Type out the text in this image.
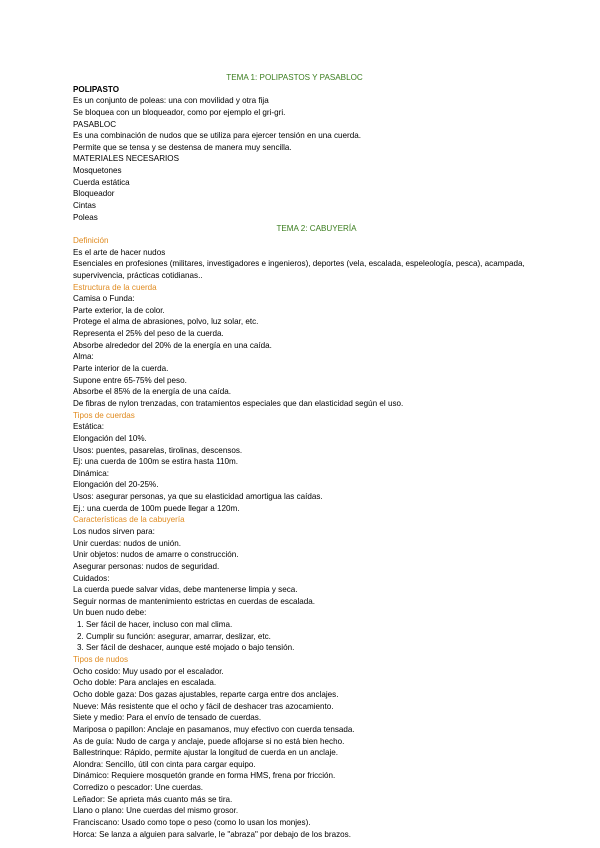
TEMA 1: POLIPASTOS Y PASABLOC
POLIPASTO
Es un conjunto de poleas: una con movilidad y otra fija
Se bloquea con un bloqueador, como por ejemplo el gri-gri.
PASABLOC
Es una combinación de nudos que se utiliza para ejercer tensión en una cuerda.
Permite que se tensa y se destensa de manera muy sencilla.
MATERIALES NECESARIOS
Mosquetones
Cuerda estática
Bloqueador
Cintas
Poleas
TEMA 2: CABUYERÍA
Definición
Es el arte de hacer nudos
Esenciales en profesiones (militares, investigadores e ingenieros), deportes (vela, escalada, espeleología, pesca), acampada,
supervivencia, prácticas cotidianas..
Estructura de la cuerda
Camisa o Funda:
Parte exterior, la de color.
Protege el alma de abrasiones, polvo, luz solar, etc.
Representa el 25% del peso de la cuerda.
Absorbe alrededor del 20% de la energía en una caída.
Alma:
Parte interior de la cuerda.
Supone entre 65-75% del peso.
Absorbe el 85% de la energía de una caída.
De fibras de nylon trenzadas, con tratamientos especiales que dan elasticidad según el uso.
Tipos de cuerdas
Estática:
Elongación del 10%.
Usos: puentes, pasarelas, tirolinas, descensos.
Ej: una cuerda de 100m se estira hasta 110m.
Dinámica:
Elongación del 20-25%.
Usos: asegurar personas, ya que su elasticidad amortigua las caídas.
Ej.: una cuerda de 100m puede llegar a 120m.
Características de la cabuyería
Los nudos sirven para:
Unir cuerdas: nudos de unión.
Unir objetos: nudos de amarre o construcción.
Asegurar personas: nudos de seguridad.
Cuidados:
La cuerda puede salvar vidas, debe mantenerse limpia y seca.
Seguir normas de mantenimiento estrictas en cuerdas de escalada.
Un buen nudo debe:
1. Ser fácil de hacer, incluso con mal clima.
2. Cumplir su función: asegurar, amarrar, deslizar, etc.
3. Ser fácil de deshacer, aunque esté mojado o bajo tensión.
Tipos de nudos
Ocho cosido: Muy usado por el escalador.
Ocho doble: Para anclajes en escalada.
Ocho doble gaza: Dos gazas ajustables, reparte carga entre dos anclajes.
Nueve: Más resistente que el ocho y fácil de deshacer tras azocamiento.
Siete y medio: Para el envío de tensado de cuerdas.
Mariposa o papillon: Anclaje en pasamanos, muy efectivo con cuerda tensada.
As de guía: Nudo de carga y anclaje, puede aflojarse si no está bien hecho.
Ballestrinque: Rápido, permite ajustar la longitud de cuerda en un anclaje.
Alondra: Sencillo, útil con cinta para cargar equipo.
Dinámico: Requiere mosquetón grande en forma HMS, frena por fricción.
Corredizo o pescador: Une cuerdas.
Leñador: Se aprieta más cuanto más se tira.
Llano o plano: Une cuerdas del mismo grosor.
Franciscano: Usado como tope o peso (como lo usan los monjes).
Horca: Se lanza a alguien para salvarle, le "abraza" por debajo de los brazos.
